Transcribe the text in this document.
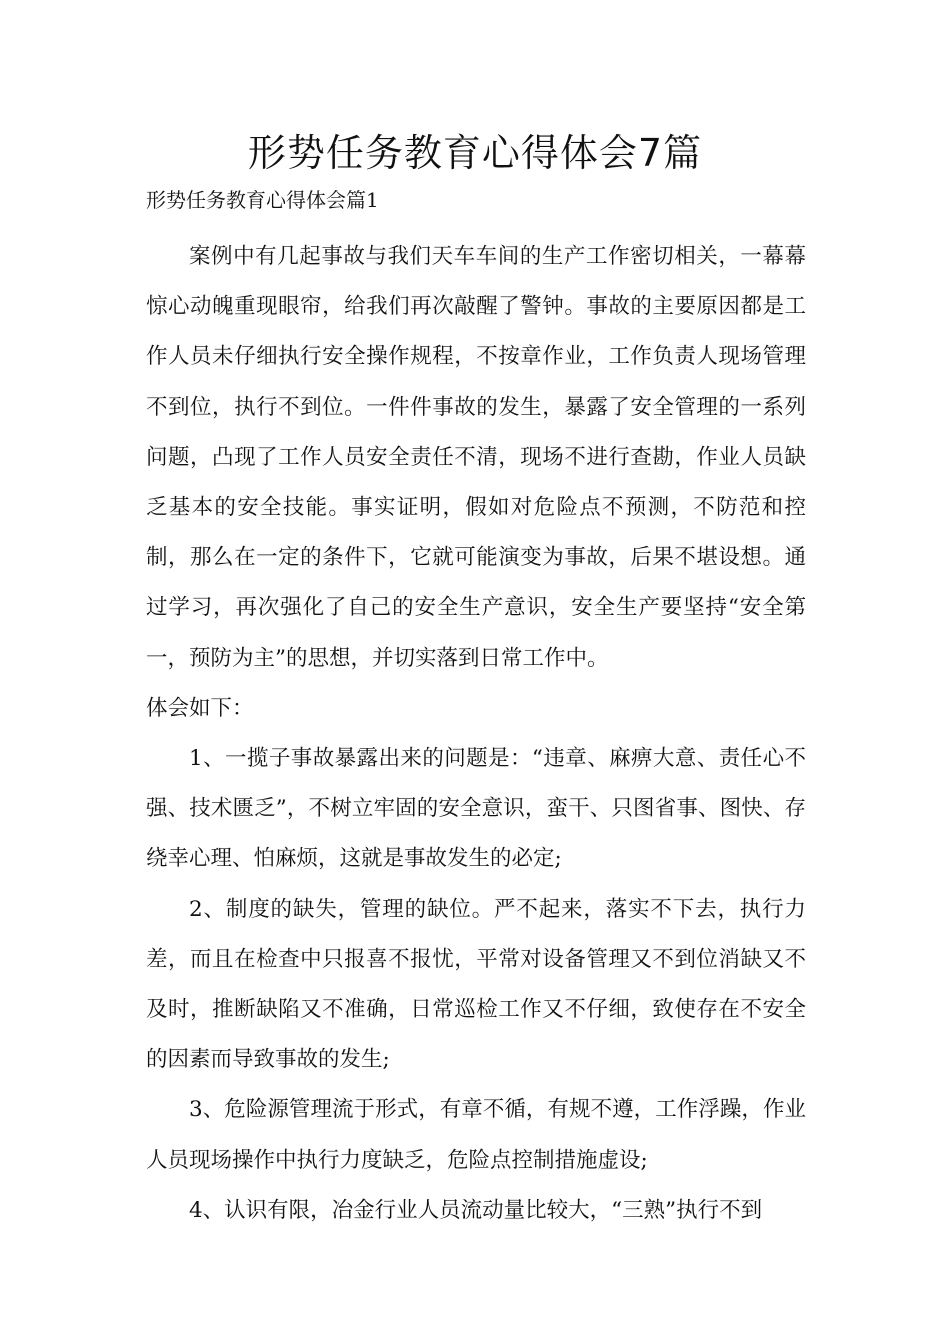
形势任务教育心得体会7篇

形势任务教育心得体会篇1

案例中有几起事故与我们天车车间的生产工作密切相关，一幕幕惊心动魄重现眼帘，给我们再次敲醒了警钟。事故的主要原因都是工作人员未仔细执行安全操作规程，不按章作业，工作负责人现场管理不到位，执行不到位。一件件事故的发生，暴露了安全管理的一系列问题，凸现了工作人员安全责任不清，现场不进行查勘，作业人员缺乏基本的安全技能。事实证明，假如对危险点不预测，不防范和控制，那么在一定的条件下，它就可能演变为事故，后果不堪设想。通过学习，再次强化了自己的安全生产意识，安全生产要坚持“安全第一，预防为主”的思想，并切实落到日常工作中。

体会如下：

1、一揽子事故暴露出来的问题是：“违章、麻痹大意、责任心不强、技术匮乏”，不树立牢固的安全意识，蛮干、只图省事、图快、存绕幸心理、怕麻烦，这就是事故发生的必定;

2、制度的缺失，管理的缺位。严不起来，落实不下去，执行力差，而且在检查中只报喜不报忧，平常对设备管理又不到位消缺又不及时，推断缺陷又不准确，日常巡检工作又不仔细，致使存在不安全的因素而导致事故的发生;

3、危险源管理流于形式，有章不循，有规不遵，工作浮躁，作业人员现场操作中执行力度缺乏，危险点控制措施虚设;

4、认识有限，冶金行业人员流动量比较大，“三熟”执行不到
